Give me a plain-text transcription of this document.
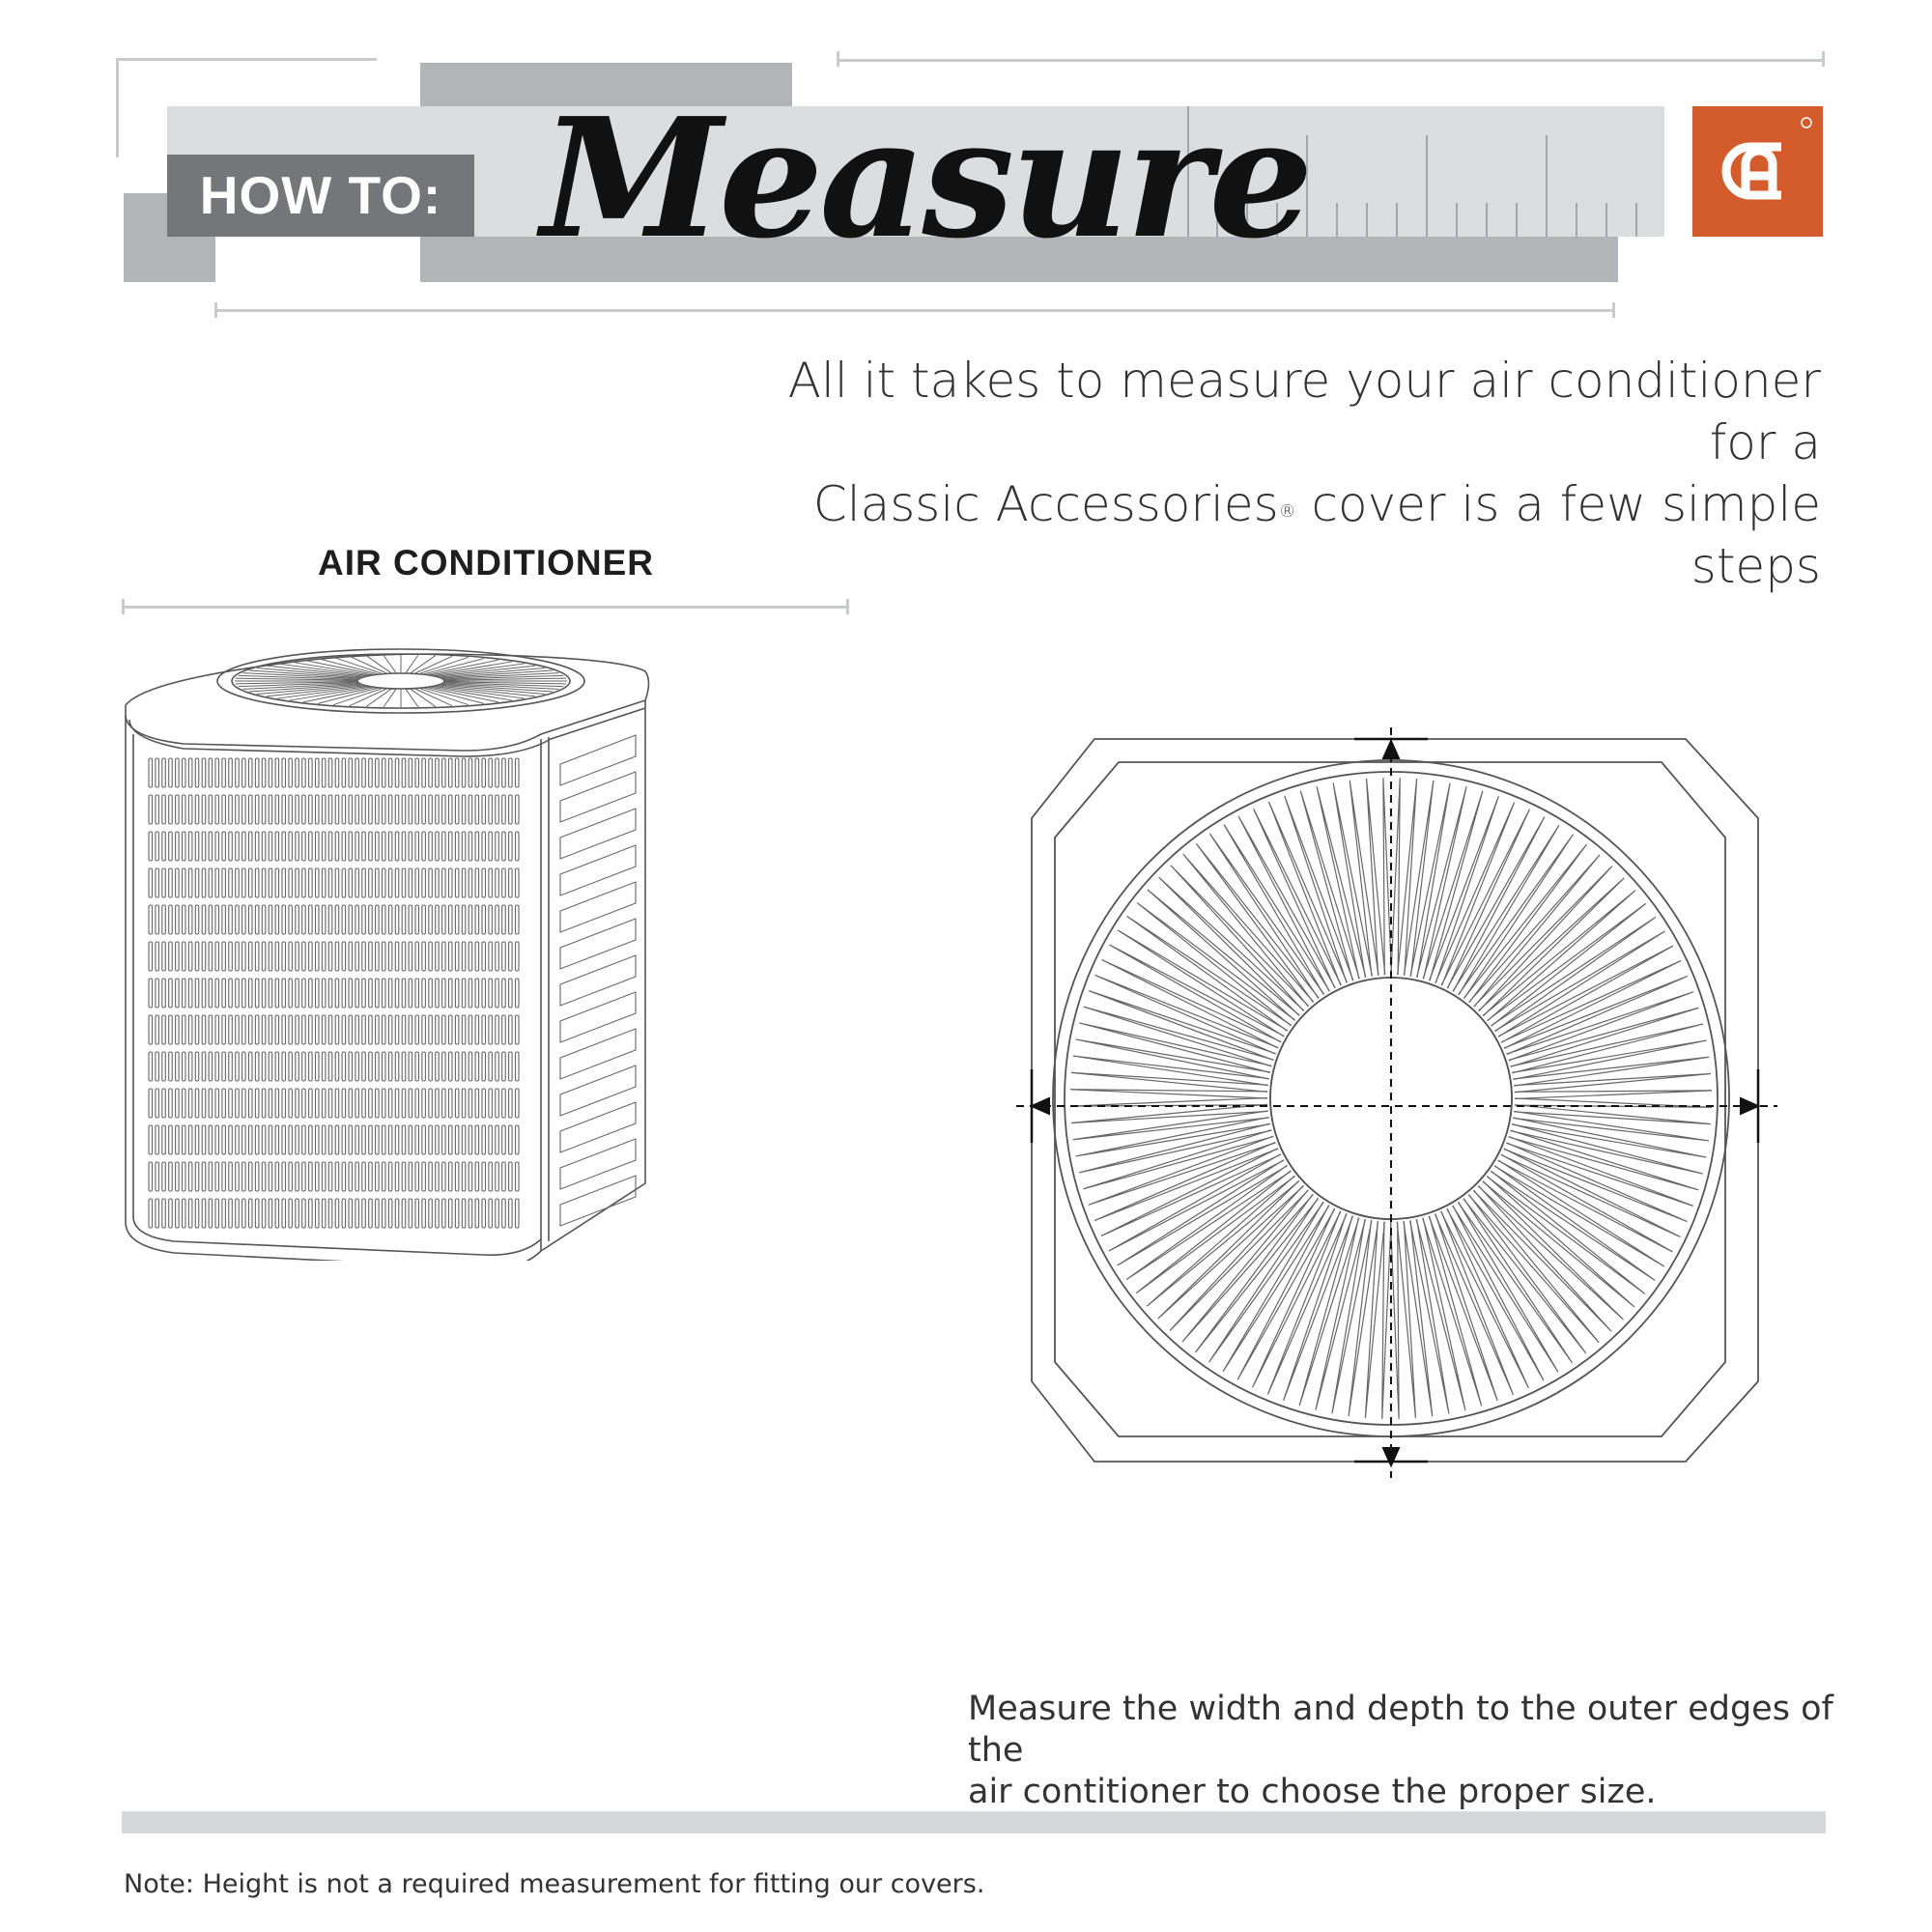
HOW TO: Measure
All it takes to measure your air conditioner for a
Classic Accessories® cover is a few simple steps
AIR CONDITIONER
Measure the width and depth to the outer edges of the
air contitioner to choose the proper size.
Note: Height is not a required measurement for fitting our covers.
